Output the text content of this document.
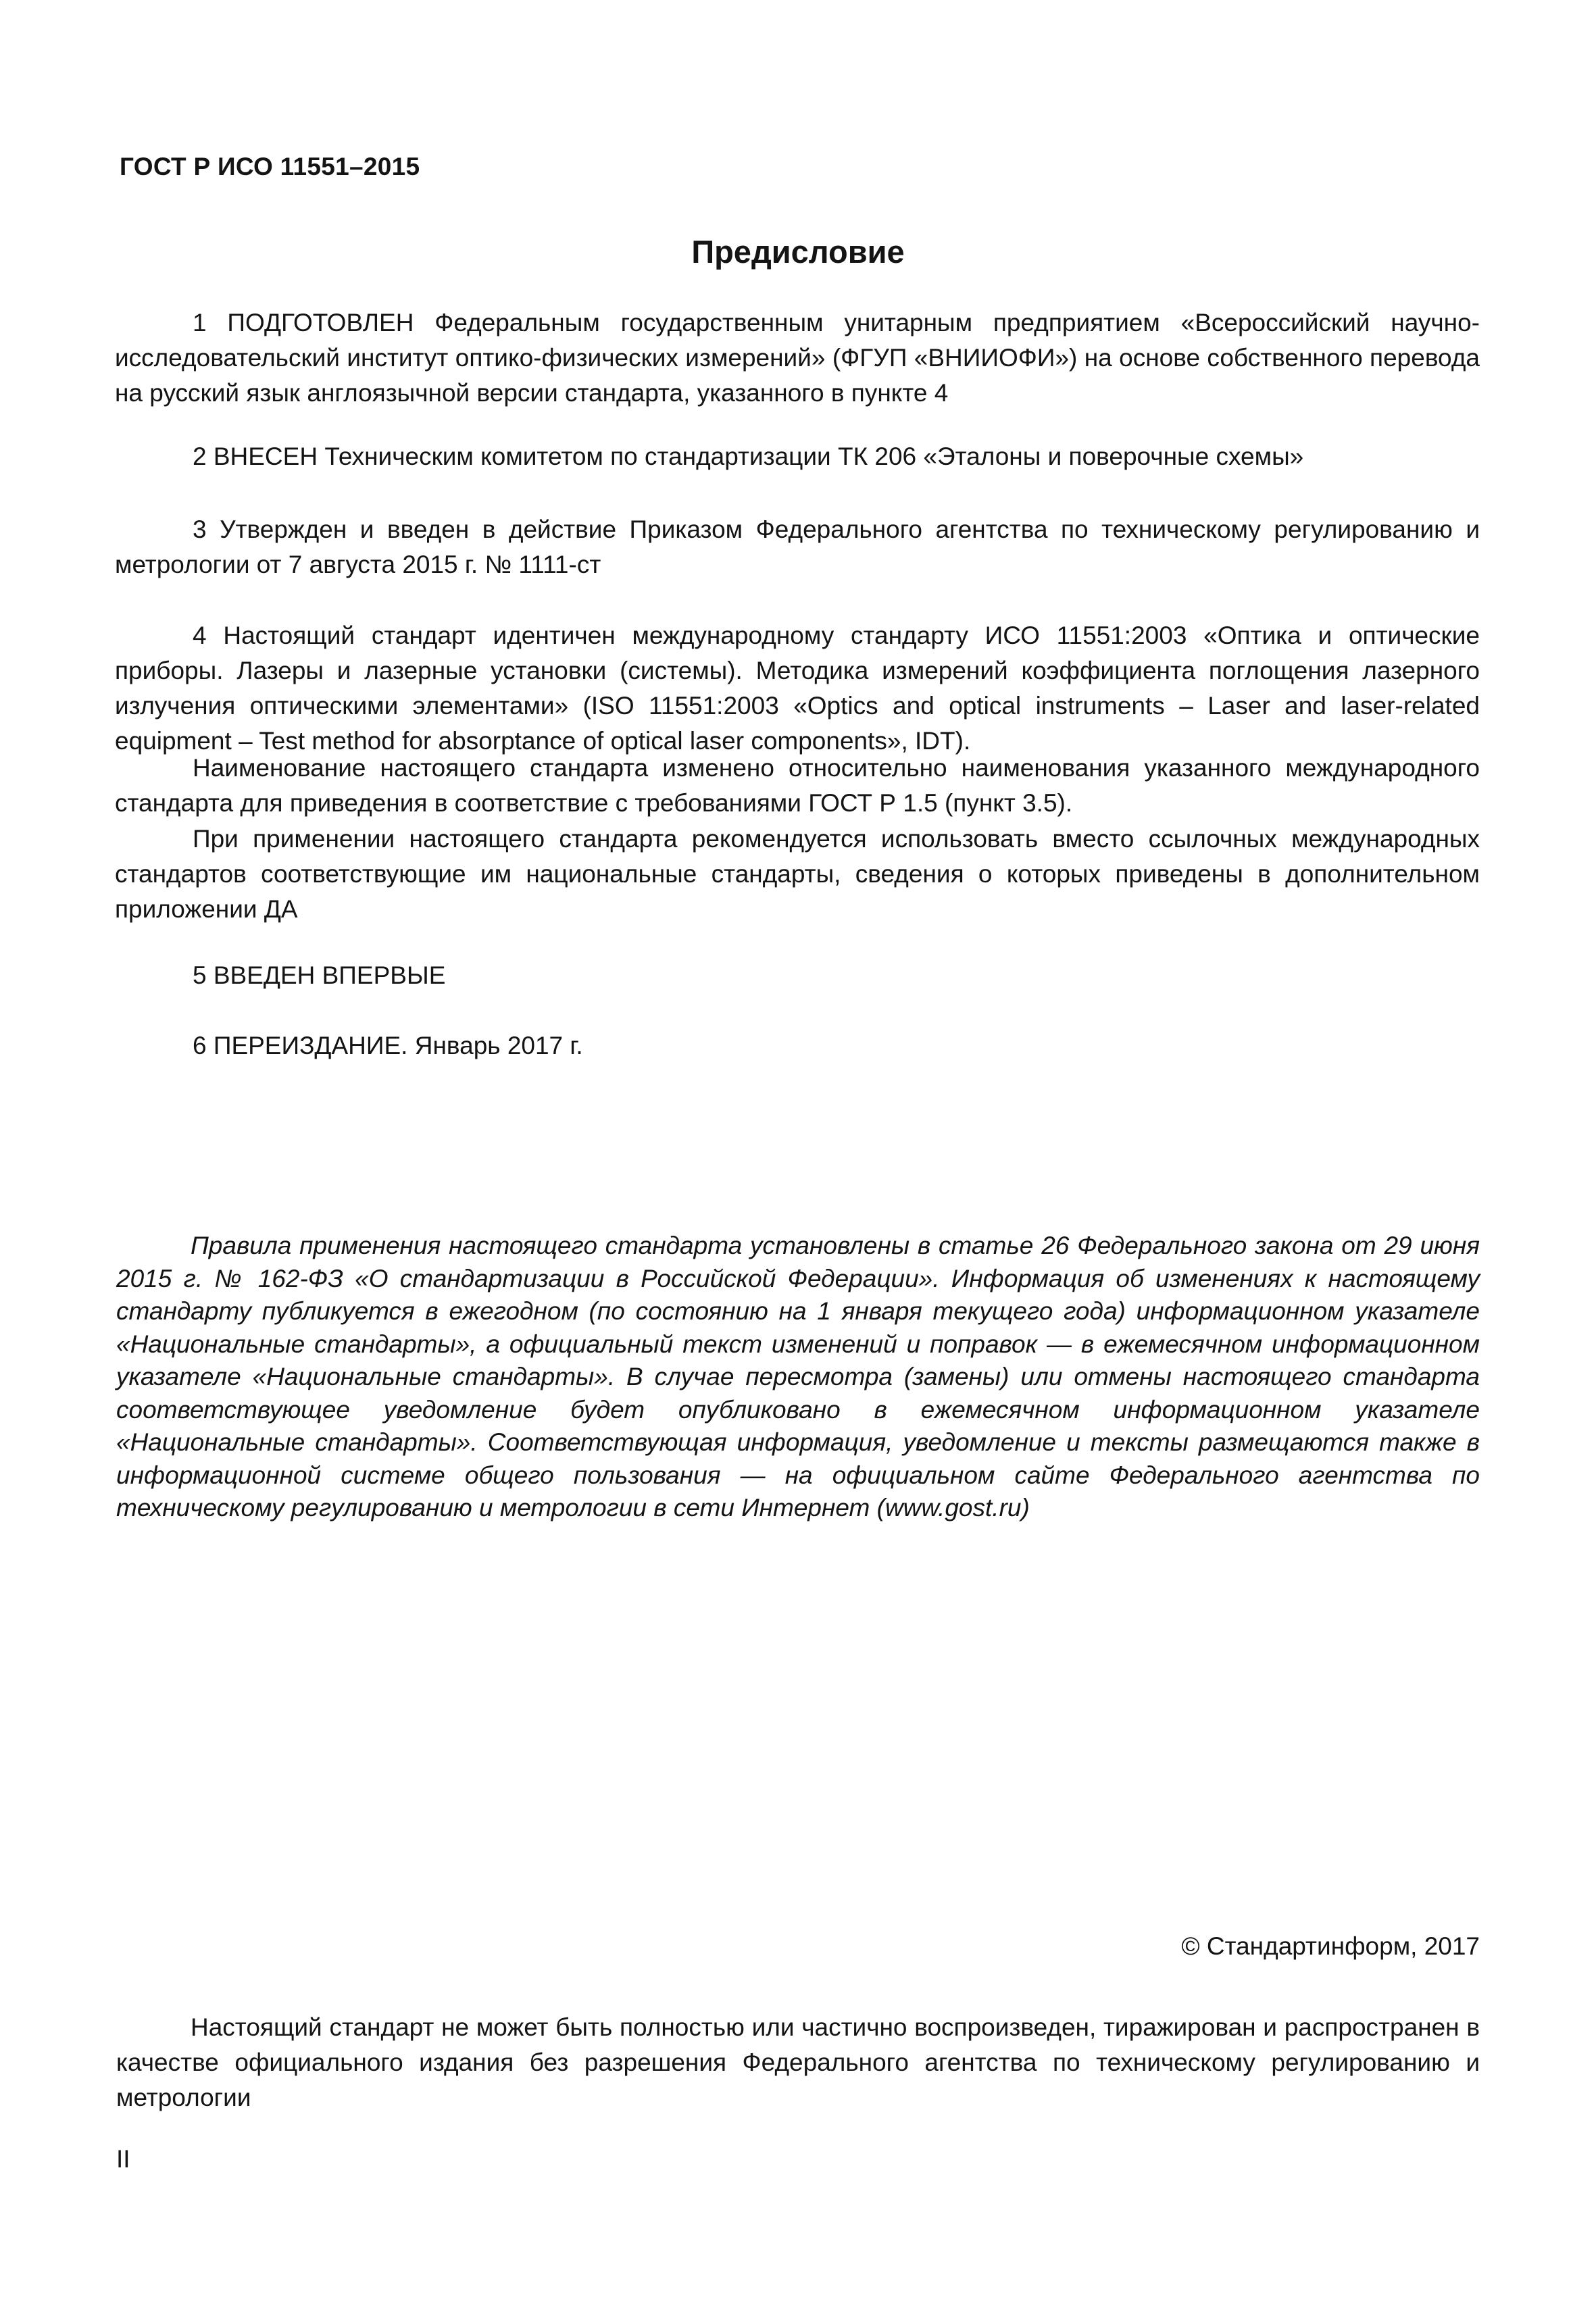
ГОСТ Р ИСО 11551–2015
Предисловие

1 ПОДГОТОВЛЕН Федеральным государственным унитарным предприятием «Всероссийский научно-исследовательский институт оптико-физических измерений» (ФГУП «ВНИИОФИ») на основе собственного перевода на русский язык англоязычной версии стандарта, указанного в пункте 4

2 ВНЕСЕН Техническим комитетом по стандартизации ТК 206 «Эталоны и поверочные схемы»

3 Утвержден и введен в действие Приказом Федерального агентства по техническому регулированию и метрологии от 7 августа 2015 г. № 1111-ст

4 Настоящий стандарт идентичен международному стандарту ИСО 11551:2003 «Оптика и оптические приборы. Лазеры и лазерные установки (системы). Методика измерений коэффициента поглощения лазерного излучения оптическими элементами» (ISO 11551:2003 «Optics and optical instruments – Laser and laser-related equipment – Test method for absorptance of optical laser components», IDT).

Наименование настоящего стандарта изменено относительно наименования указанного международного стандарта для приведения в соответствие с требованиями ГОСТ Р 1.5 (пункт 3.5).

При применении настоящего стандарта рекомендуется использовать вместо ссылочных международных стандартов соответствующие им национальные стандарты, сведения о которых приведены в дополнительном приложении ДА

5 ВВЕДЕН ВПЕРВЫЕ

6 ПЕРЕИЗДАНИЕ. Январь 2017 г.

Правила применения настоящего стандарта установлены в статье 26 Федерального закона от 29 июня 2015 г. № 162-ФЗ «О стандартизации в Российской Федерации». Информация об изменениях к настоящему стандарту публикуется в ежегодном (по состоянию на 1 января текущего года) информационном указателе «Национальные стандарты», а официальный текст изменений и поправок — в ежемесячном информационном указателе «Национальные стандарты». В случае пересмотра (замены) или отмены настоящего стандарта соответствующее уведомление будет опубликовано в ежемесячном информационном указателе «Национальные стандарты». Соответствующая информация, уведомление и тексты размещаются также в информационной системе общего пользования — на официальном сайте Федерального агентства по техническому регулированию и метрологии в сети Интернет (www.gost.ru)

© Стандартинформ, 2017

Настоящий стандарт не может быть полностью или частично воспроизведен, тиражирован и распространен в качестве официального издания без разрешения Федерального агентства по техническому регулированию и метрологии

II
